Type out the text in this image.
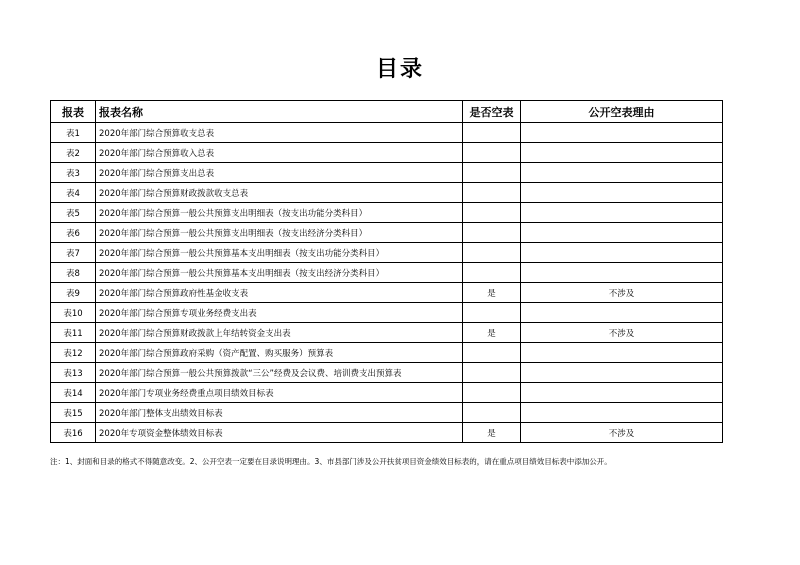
目录
报表	报表名称	是否空表	公开空表理由
表1	2020年部门综合预算收支总表		
表2	2020年部门综合预算收入总表		
表3	2020年部门综合预算支出总表		
表4	2020年部门综合预算财政拨款收支总表		
表5	2020年部门综合预算一般公共预算支出明细表（按支出功能分类科目）		
表6	2020年部门综合预算一般公共预算支出明细表（按支出经济分类科目）		
表7	2020年部门综合预算一般公共预算基本支出明细表（按支出功能分类科目）		
表8	2020年部门综合预算一般公共预算基本支出明细表（按支出经济分类科目）		
表9	2020年部门综合预算政府性基金收支表	是	不涉及
表10	2020年部门综合预算专项业务经费支出表		
表11	2020年部门综合预算财政拨款上年结转资金支出表	是	不涉及
表12	2020年部门综合预算政府采购（资产配置、购买服务）预算表		
表13	2020年部门综合预算一般公共预算拨款“三公”经费及会议费、培训费支出预算表		
表14	2020年部门专项业务经费重点项目绩效目标表		
表15	2020年部门整体支出绩效目标表		
表16	2020年专项资金整体绩效目标表	是	不涉及
注：1、封面和目录的格式不得随意改变。2、公开空表一定要在目录说明理由。3、市县部门涉及公开扶贫项目资金绩效目标表的，请在重点项目绩效目标表中添加公开。
